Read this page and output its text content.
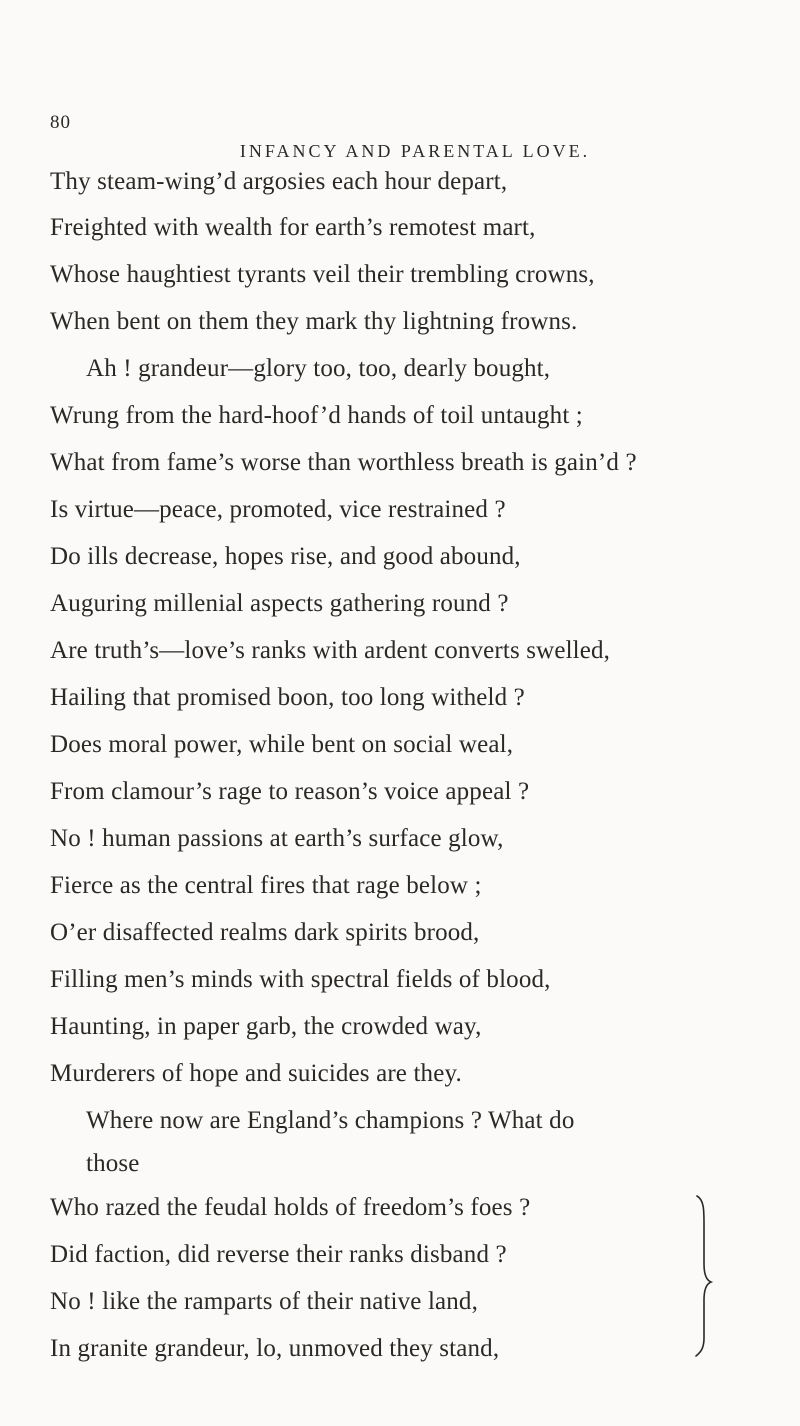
80
INFANCY AND PARENTAL LOVE.
Thy steam-wing’d argosies each hour depart,
Freighted with wealth for earth’s remotest mart,
Whose haughtiest tyrants veil their trembling crowns,
When bent on them they mark thy lightning frowns.
Ah ! grandeur—glory too, too, dearly bought,
Wrung from the hard-hoof’d hands of toil untaught ;
What from fame’s worse than worthless breath is gain’d ?
Is virtue—peace, promoted, vice restrained ?
Do ills decrease, hopes rise, and good abound,
Auguring millenial aspects gathering round ?
Are truth’s—love’s ranks with ardent converts swelled,
Hailing that promised boon, too long witheld ?
Does moral power, while bent on social weal,
From clamour’s rage to reason’s voice appeal ?
No ! human passions at earth’s surface glow,
Fierce as the central fires that rage below ;
O’er disaffected realms dark spirits brood,
Filling men’s minds with spectral fields of blood,
Haunting, in paper garb, the crowded way,
Murderers of hope and suicides are they.
Where now are England’s champions ? What do
those
Who razed the feudal holds of freedom’s foes ?
Did faction, did reverse their ranks disband ?
No ! like the ramparts of their native land,
In granite grandeur, lo, unmoved they stand,
